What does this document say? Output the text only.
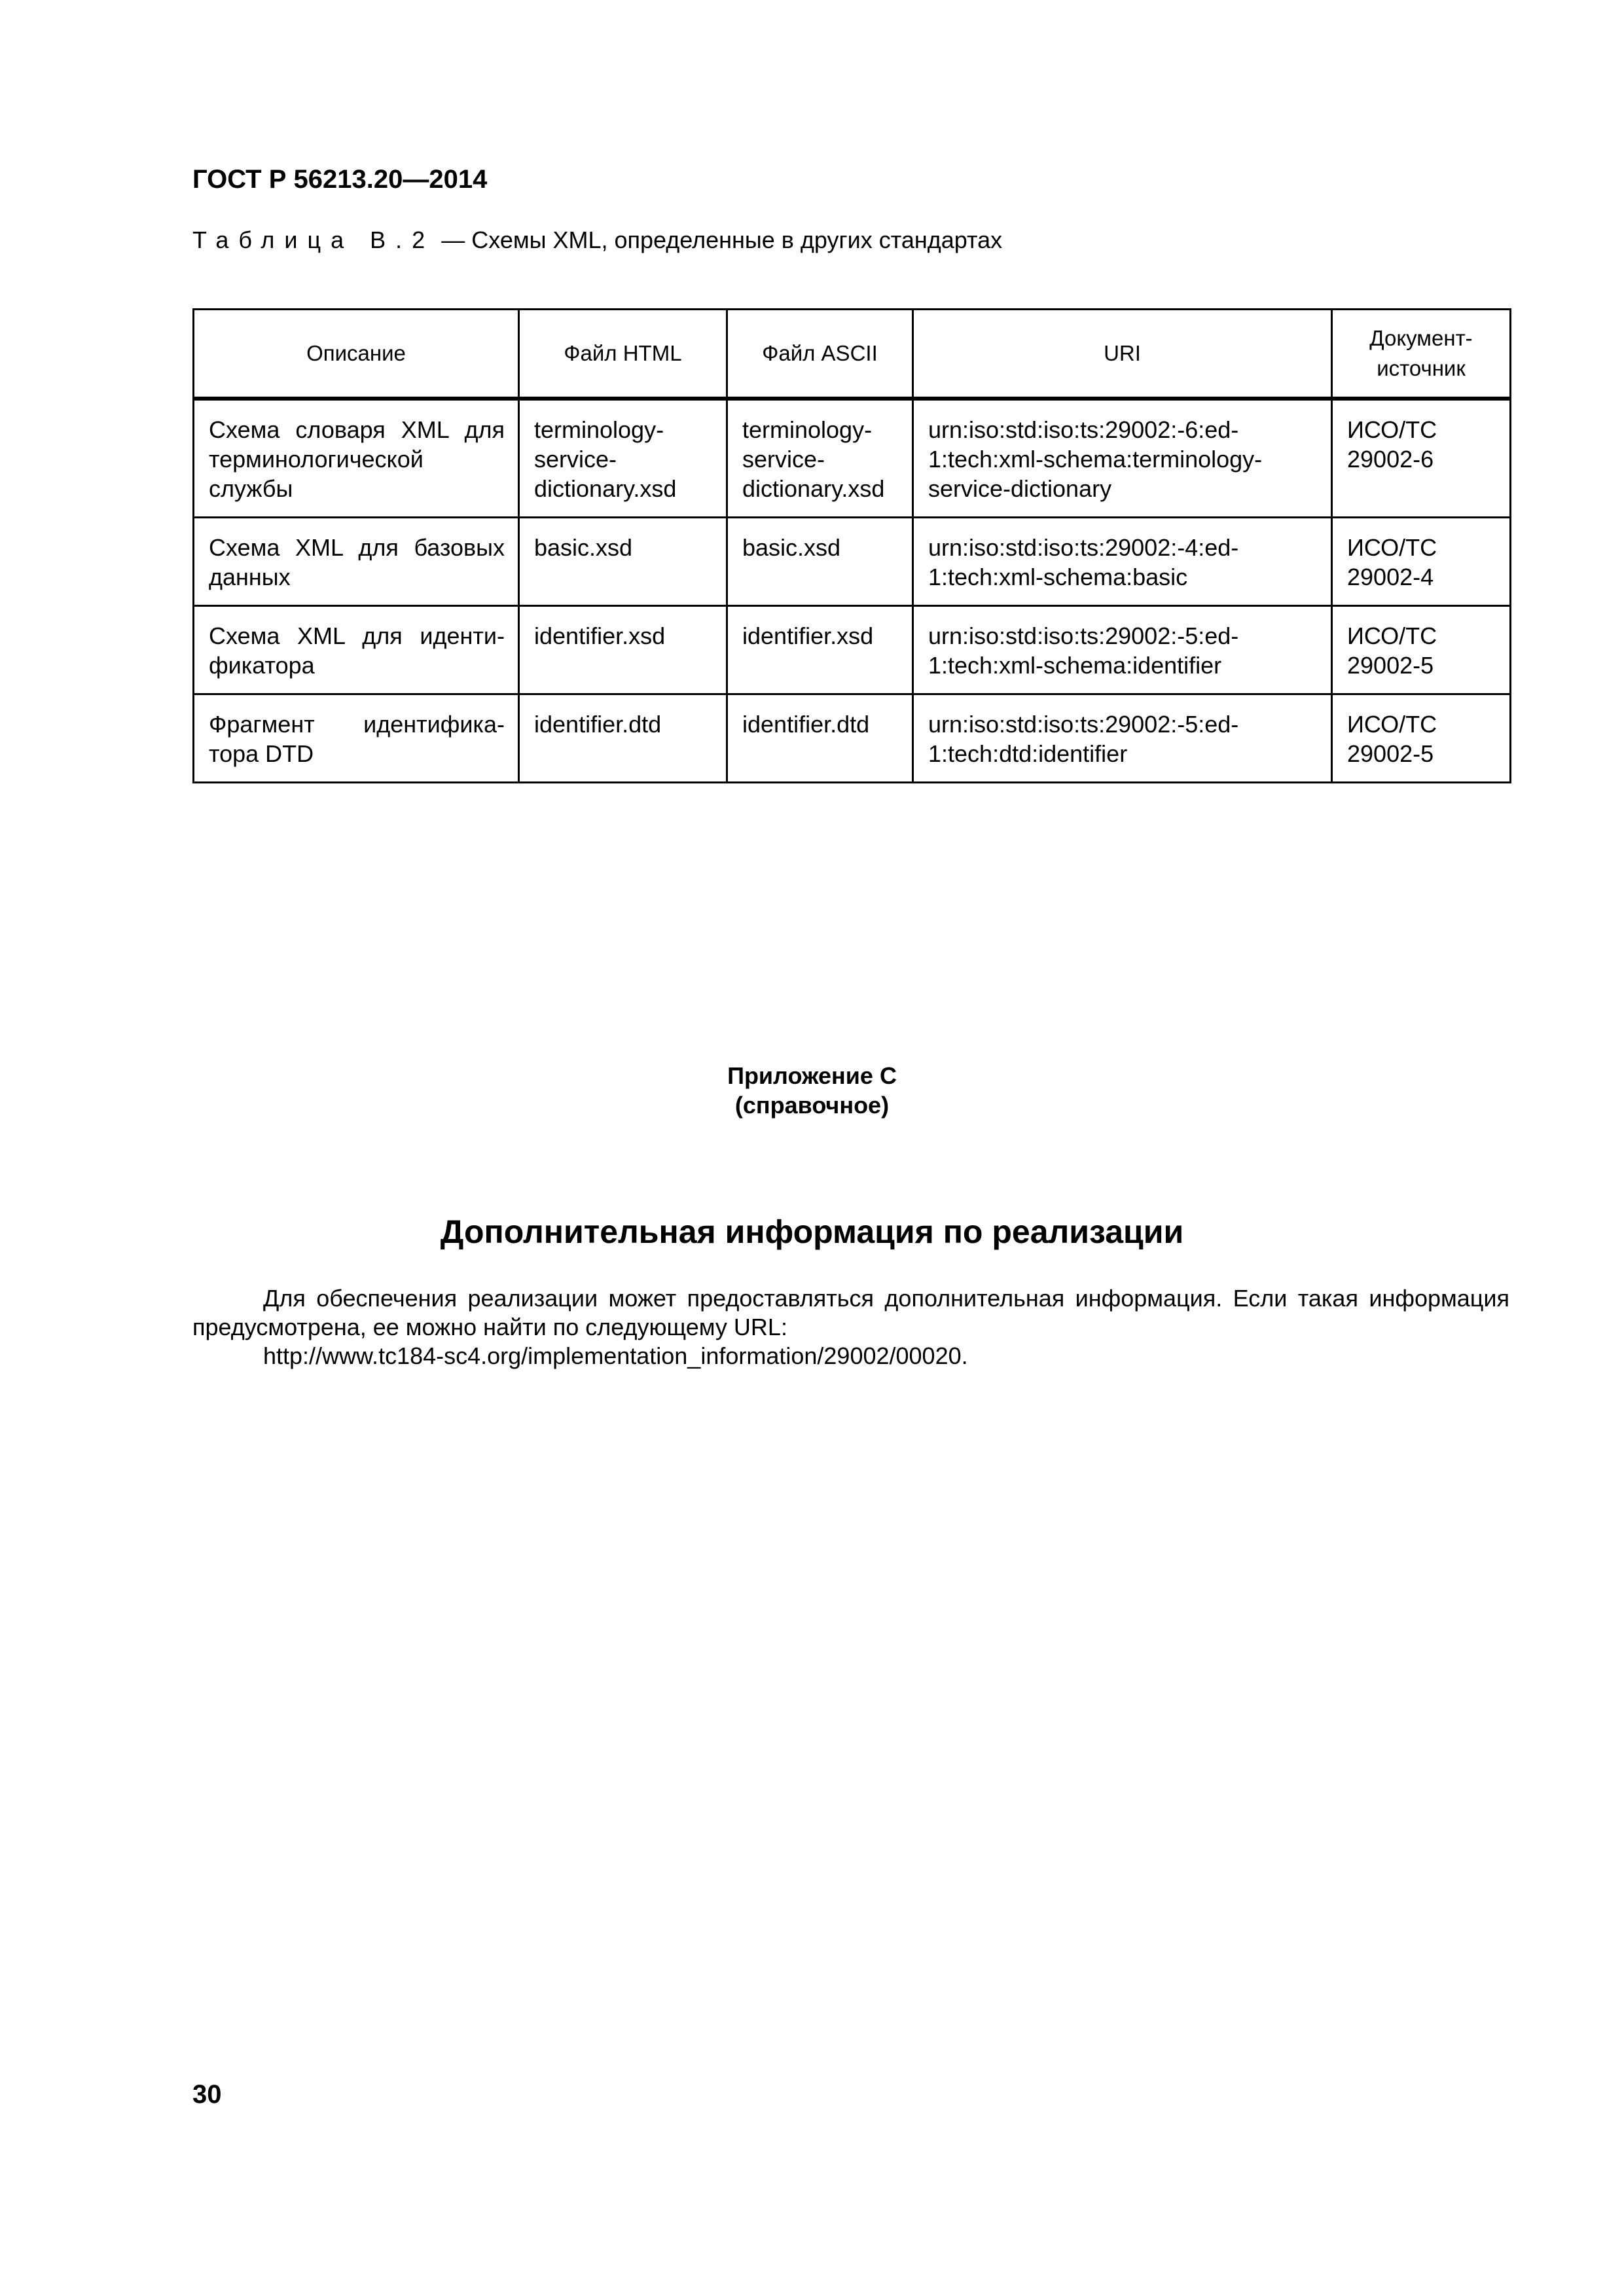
ГОСТ Р 56213.20—2014
Таблица В.2 — Схемы XML, определенные в других стандартах
Описание	Файл HTML	Файл ASCII	URI	Документ-источник
Схема словаря XML для терминологической службы	terminology-service-dictionary.xsd	terminology-service-dictionary.xsd	urn:iso:std:iso:ts:29002:-6:ed-1:tech:xml-schema:terminology-service-dictionary	ИСО/ТС 29002-6
Схема XML для базовых данных	basic.xsd	basic.xsd	urn:iso:std:iso:ts:29002:-4:ed-1:tech:xml-schema:basic	ИСО/ТС 29002-4
Схема XML для иденти-фикатора	identifier.xsd	identifier.xsd	urn:iso:std:iso:ts:29002:-5:ed-1:tech:xml-schema:identifier	ИСО/ТС 29002-5
Фрагмент идентифика-тора DTD	identifier.dtd	identifier.dtd	urn:iso:std:iso:ts:29002:-5:ed-1:tech:dtd:identifier	ИСО/ТС 29002-5
Приложение С
(справочное)
Дополнительная информация по реализации

Для обеспечения реализации может предоставляться дополнительная информация. Если такая информация предусмотрена, ее можно найти по следующему URL:

http://www.tc184-sc4.org/implementation_information/29002/00020.
30
